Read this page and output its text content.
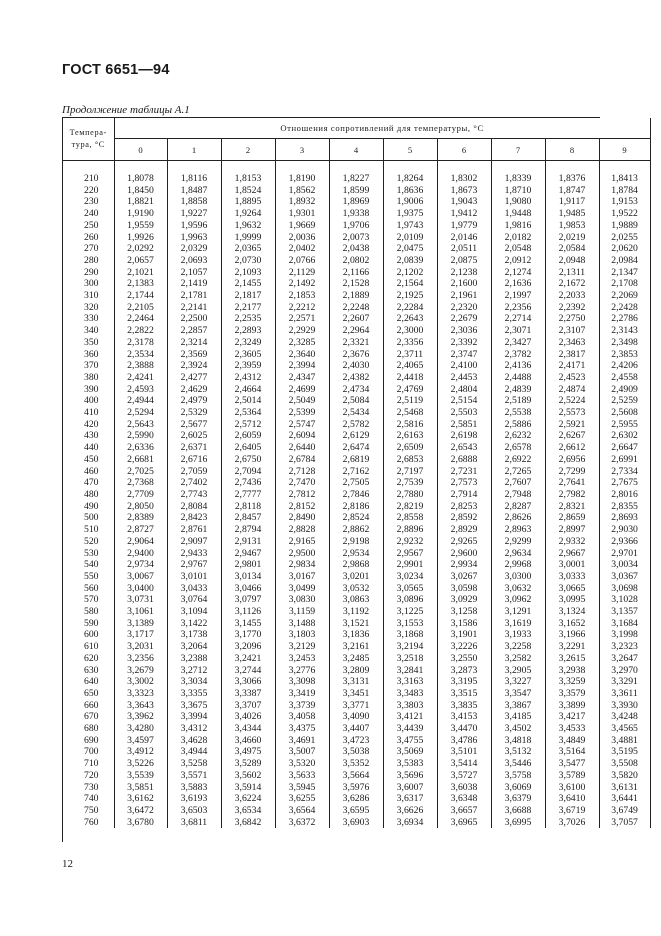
ГОСТ 6651—94
Продолжение таблицы А.1
Темпера-тура, °С	Отношения сопротивлений для температуры, °С									
	0	1	2	3	4	5	6	7	8	9

210	1,8078	1,8116	1,8153	1,8190	1,8227	1,8264	1,8302	1,8339	1,8376	1,8413
220	1,8450	1,8487	1,8524	1,8562	1,8599	1,8636	1,8673	1,8710	1,8747	1,8784
230	1,8821	1,8858	1,8895	1,8932	1,8969	1,9006	1,9043	1,9080	1,9117	1,9153
240	1,9190	1,9227	1,9264	1,9301	1,9338	1,9375	1,9412	1,9448	1,9485	1,9522
250	1,9559	1,9596	1,9632	1,9669	1,9706	1,9743	1,9779	1,9816	1,9853	1,9889
260	1,9926	1,9963	1,9999	2,0036	2,0073	2,0109	2,0146	2,0182	2,0219	2,0255
270	2,0292	2,0329	2,0365	2,0402	2,0438	2,0475	2,0511	2,0548	2,0584	2,0620
280	2,0657	2,0693	2,0730	2,0766	2,0802	2,0839	2,0875	2,0912	2,0948	2,0984
290	2,1021	2,1057	2,1093	2,1129	2,1166	2,1202	2,1238	2,1274	2,1311	2,1347
300	2,1383	2,1419	2,1455	2,1492	2,1528	2,1564	2,1600	2,1636	2,1672	2,1708
310	2,1744	2,1781	2,1817	2,1853	2,1889	2,1925	2,1961	2,1997	2,2033	2,2069
320	2,2105	2,2141	2,2177	2,2212	2,2248	2,2284	2,2320	2,2356	2,2392	2,2428
330	2,2464	2,2500	2,2535	2,2571	2,2607	2,2643	2,2679	2,2714	2,2750	2,2786
340	2,2822	2,2857	2,2893	2,2929	2,2964	2,3000	2,3036	2,3071	2,3107	2,3143
350	2,3178	2,3214	2,3249	2,3285	2,3321	2,3356	2,3392	2,3427	2,3463	2,3498
360	2,3534	2,3569	2,3605	2,3640	2,3676	2,3711	2,3747	2,3782	2,3817	2,3853
370	2,3888	2,3924	2,3959	2,3994	2,4030	2,4065	2,4100	2,4136	2,4171	2,4206
380	2,4241	2,4277	2,4312	2,4347	2,4382	2,4418	2,4453	2,4488	2,4523	2,4558
390	2,4593	2,4629	2,4664	2,4699	2,4734	2,4769	2,4804	2,4839	2,4874	2,4909
400	2,4944	2,4979	2,5014	2,5049	2,5084	2,5119	2,5154	2,5189	2,5224	2,5259
410	2,5294	2,5329	2,5364	2,5399	2,5434	2,5468	2,5503	2,5538	2,5573	2,5608
420	2,5643	2,5677	2,5712	2,5747	2,5782	2,5816	2,5851	2,5886	2,5921	2,5955
430	2,5990	2,6025	2,6059	2,6094	2,6129	2,6163	2,6198	2,6232	2,6267	2,6302
440	2,6336	2,6371	2,6405	2,6440	2,6474	2,6509	2,6543	2,6578	2,6612	2,6647
450	2,6681	2,6716	2,6750	2,6784	2,6819	2,6853	2,6888	2,6922	2,6956	2,6991
460	2,7025	2,7059	2,7094	2,7128	2,7162	2,7197	2,7231	2,7265	2,7299	2,7334
470	2,7368	2,7402	2,7436	2,7470	2,7505	2,7539	2,7573	2,7607	2,7641	2,7675
480	2,7709	2,7743	2,7777	2,7812	2,7846	2,7880	2,7914	2,7948	2,7982	2,8016
490	2,8050	2,8084	2,8118	2,8152	2,8186	2,8219	2,8253	2,8287	2,8321	2,8355
500	2,8389	2,8423	2,8457	2,8490	2,8524	2,8558	2,8592	2,8626	2,8659	2,8693
510	2,8727	2,8761	2,8794	2,8828	2,8862	2,8896	2,8929	2,8963	2,8997	2,9030
520	2,9064	2,9097	2,9131	2,9165	2,9198	2,9232	2,9265	2,9299	2,9332	2,9366
530	2,9400	2,9433	2,9467	2,9500	2,9534	2,9567	2,9600	2,9634	2,9667	2,9701
540	2,9734	2,9767	2,9801	2,9834	2,9868	2,9901	2,9934	2,9968	3,0001	3,0034
550	3,0067	3,0101	3,0134	3,0167	3,0201	3,0234	3,0267	3,0300	3,0333	3,0367
560	3,0400	3,0433	3,0466	3,0499	3,0532	3,0565	3,0598	3,0632	3,0665	3,0698
570	3,0731	3,0764	3,0797	3,0830	3,0863	3,0896	3,0929	3,0962	3,0995	3,1028
580	3,1061	3,1094	3,1126	3,1159	3,1192	3,1225	3,1258	3,1291	3,1324	3,1357
590	3,1389	3,1422	3,1455	3,1488	3,1521	3,1553	3,1586	3,1619	3,1652	3,1684
600	3,1717	3,1738	3,1770	3,1803	3,1836	3,1868	3,1901	3,1933	3,1966	3,1998
610	3,2031	3,2064	3,2096	3,2129	3,2161	3,2194	3,2226	3,2258	3,2291	3,2323
620	3,2356	3,2388	3,2421	3,2453	3,2485	3,2518	3,2550	3,2582	3,2615	3,2647
630	3,2679	3,2712	3,2744	3,2776	3,2809	3,2841	3,2873	3,2905	3,2938	3,2970
640	3,3002	3,3034	3,3066	3,3098	3,3131	3,3163	3,3195	3,3227	3,3259	3,3291
650	3,3323	3,3355	3,3387	3,3419	3,3451	3,3483	3,3515	3,3547	3,3579	3,3611
660	3,3643	3,3675	3,3707	3,3739	3,3771	3,3803	3,3835	3,3867	3,3899	3,3930
670	3,3962	3,3994	3,4026	3,4058	3,4090	3,4121	3,4153	3,4185	3,4217	3,4248
680	3,4280	3,4312	3,4344	3,4375	3,4407	3,4439	3,4470	3,4502	3,4533	3,4565
690	3,4597	3,4628	3,4660	3,4691	3,4723	3,4755	3,4786	3,4818	3,4849	3,4881
700	3,4912	3,4944	3,4975	3,5007	3,5038	3,5069	3,5101	3,5132	3,5164	3,5195
710	3,5226	3,5258	3,5289	3,5320	3,5352	3,5383	3,5414	3,5446	3,5477	3,5508
720	3,5539	3,5571	3,5602	3,5633	3,5664	3,5696	3,5727	3,5758	3,5789	3,5820
730	3,5851	3,5883	3,5914	3,5945	3,5976	3,6007	3,6038	3,6069	3,6100	3,6131
740	3,6162	3,6193	3,6224	3,6255	3,6286	3,6317	3,6348	3,6379	3,6410	3,6441
750	3,6472	3,6503	3,6534	3,6564	3,6595	3,6626	3,6657	3,6688	3,6719	3,6749
760	3,6780	3,6811	3,6842	3,6372	3,6903	3,6934	3,6965	3,6995	3,7026	3,7057

12
